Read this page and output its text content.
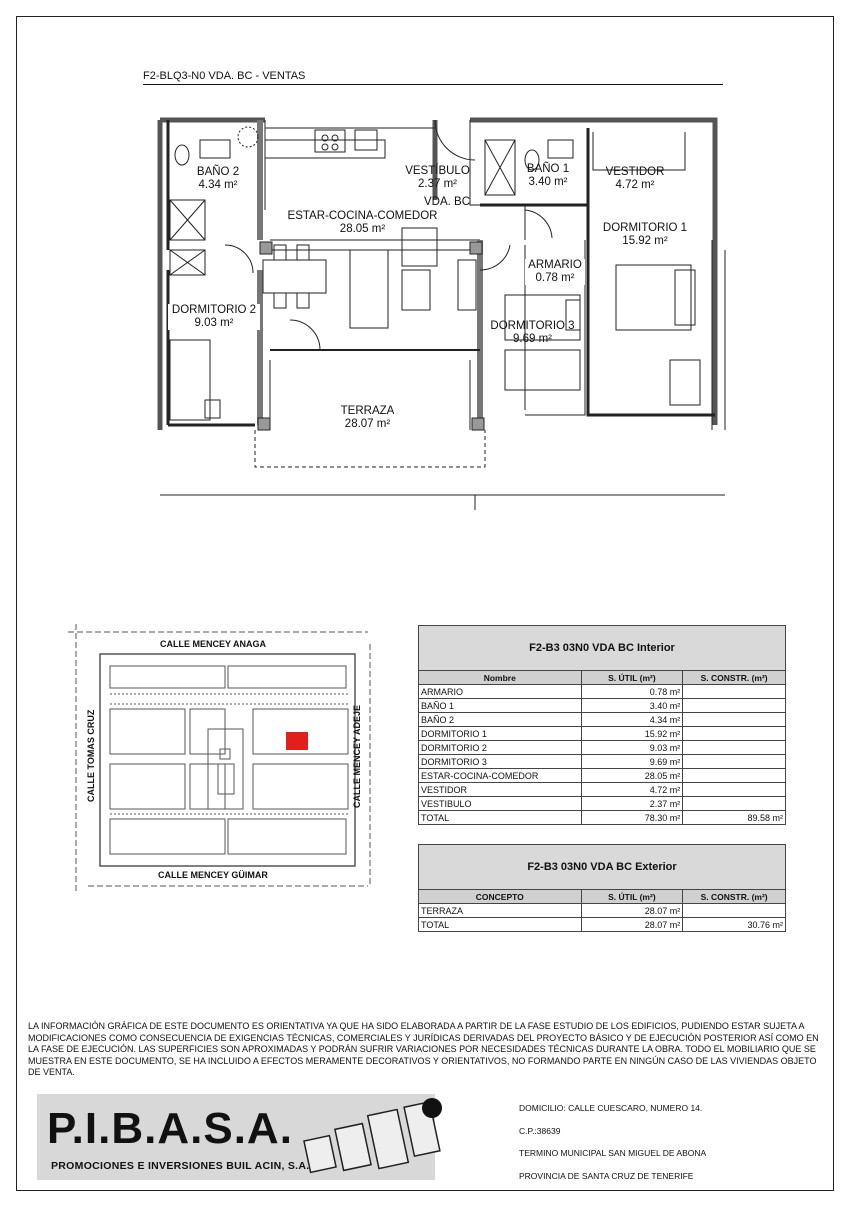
F2-BLQ3-N0 VDA. BC - VENTAS
BAÑO 2
4.34 m²
VESTÍBULO
2.37 m²
BAÑO 1
3.40 m²
VESTIDOR
4.72 m²
ESTAR-COCINA-COMEDOR
28.05 m²
VDA. BC
DORMITORIO 1
15.92 m²
ARMARIO
0.78 m²
DORMITORIO 2
9.03 m²	DORMITORIO 3
9.69 m²
TERRAZA
28.07 m²
CALLE MENCEY ANAGA
CALLE MENCEY GÜIMAR
CALLE TOMAS CRUZ	CALLE MENCEY ADEJE
F2-B3 03N0 VDA BC Interior		
Nombre	S. ÚTIL (m²)	S. CONSTR. (m²)
ARMARIO	0.78 m²	
BAÑO 1	3.40 m²	
BAÑO 2	4.34 m²	
DORMITORIO 1	15.92 m²	
DORMITORIO 2	9.03 m²	
DORMITORIO 3	9.69 m²	
ESTAR-COCINA-COMEDOR	28.05 m²	
VESTIDOR	4.72 m²	
VESTIBULO	2.37 m²	
TOTAL	78.30 m²	89.58 m²
F2-B3 03N0 VDA BC Exterior		
CONCEPTO	S. ÚTIL (m²)	S. CONSTR. (m²)
TERRAZA	28.07 m²	
TOTAL	28.07 m²	30.76 m²
LA INFORMACIÓN GRÁFICA DE ESTE DOCUMENTO ES ORIENTATIVA YA QUE HA SIDO ELABORADA A PARTIR DE LA FASE ESTUDIO DE LOS EDIFICIOS, PUDIENDO ESTAR SUJETA A MODIFICACIONES COMO CONSECUENCIA DE EXIGENCIAS TÉCNICAS, COMERCIALES Y JURÍDICAS DERIVADAS DEL PROYECTO BÁSICO Y DE EJECUCIÓN POSTERIOR ASÍ COMO EN LA FASE DE EJECUCIÓN. LAS SUPERFICIES SON APROXIMADAS Y PODRÁN SUFRIR VARIACIONES POR NECESIDADES TÉCNICAS DURANTE LA OBRA. TODO EL MOBILIARIO QUE SE MUESTRA EN ESTE DOCUMENTO, SE HA INCLUIDO A EFECTOS MERAMENTE DECORATIVOS Y ORIENTATIVOS, NO FORMANDO PARTE EN NINGÚN CASO DE LAS VIVIENDAS OBJETO DE VENTA.
P.I.B.A.S.A.
PROMOCIONES E INVERSIONES BUIL ACIN, S.A.
DOMICILIO: CALLE CUESCARO, NUMERO 14.
C.P.:38639
TERMINO MUNICIPAL SAN MIGUEL DE ABONA
PROVINCIA DE SANTA CRUZ DE TENERIFE
